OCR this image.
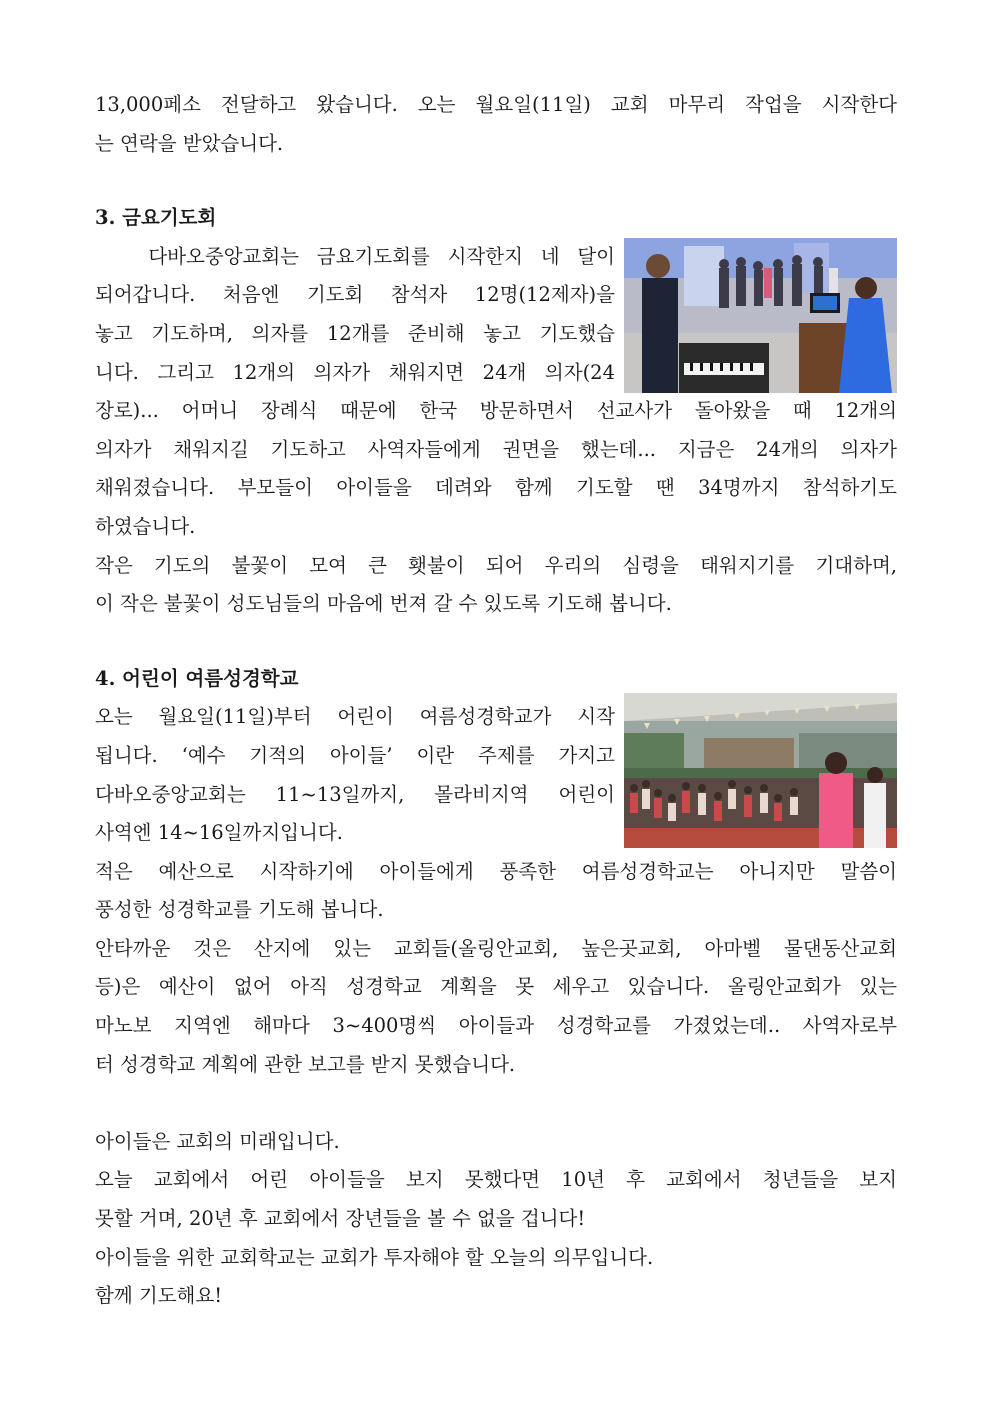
13,000페소 전달하고 왔습니다. 오는 월요일(11일) 교회 마무리 작업을 시작한다
는 연락을 받았습니다.
3. 금요기도회
다바오중앙교회는 금요기도회를 시작한지 네 달이
되어갑니다. 처음엔 기도회 참석자 12명(12제자)을
놓고 기도하며, 의자를 12개를 준비해 놓고 기도했습
니다. 그리고 12개의 의자가 채워지면 24개 의자(24
장로)... 어머니 장례식 때문에 한국 방문하면서 선교사가 돌아왔을 때 12개의
의자가 채워지길 기도하고 사역자들에게 권면을 했는데... 지금은 24개의 의자가
채워졌습니다. 부모들이 아이들을 데려와 함께 기도할 땐 34명까지 참석하기도
하였습니다.
작은 기도의 불꽃이 모여 큰 횃불이 되어 우리의 심령을 태워지기를 기대하며,
이 작은 불꽃이 성도님들의 마음에 번져 갈 수 있도록 기도해 봅니다.
4. 어린이 여름성경학교
오는 월요일(11일)부터 어린이 여름성경학교가 시작
됩니다. ‘예수 기적의 아이들’ 이란 주제를 가지고
다바오중앙교회는 11~13일까지, 몰라비지역 어린이
사역엔 14~16일까지입니다.
적은 예산으로 시작하기에 아이들에게 풍족한 여름성경학교는 아니지만 말씀이
풍성한 성경학교를 기도해 봅니다.
안타까운 것은 산지에 있는 교회들(올링안교회, 높은곳교회, 아마벨 물댄동산교회
등)은 예산이 없어 아직 성경학교 계획을 못 세우고 있습니다. 올링안교회가 있는
마노보 지역엔 해마다 3~400명씩 아이들과 성경학교를 가졌었는데.. 사역자로부
터 성경학교 계획에 관한 보고를 받지 못했습니다.
아이들은 교회의 미래입니다.
오늘 교회에서 어린 아이들을 보지 못했다면 10년 후 교회에서 청년들을 보지
못할 거며, 20년 후 교회에서 장년들을 볼 수 없을 겁니다!
아이들을 위한 교회학교는 교회가 투자해야 할 오늘의 의무입니다.
함께 기도해요!
